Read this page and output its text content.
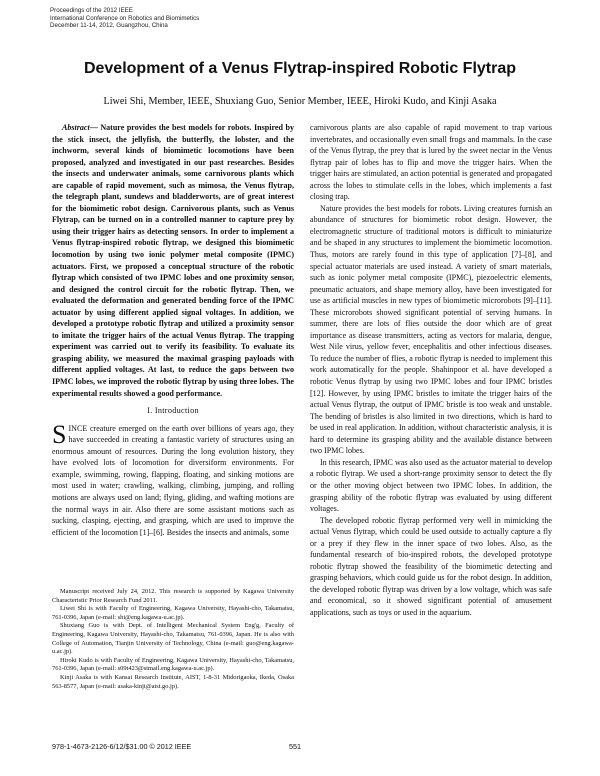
Proceedings of the 2012 IEEE
International Conference on Robotics and Biomimetics
December 11-14, 2012, Guangzhou, China
Development of a Venus Flytrap-inspired Robotic Flytrap
Liwei Shi, Member, IEEE, Shuxiang Guo, Senior Member, IEEE, Hiroki Kudo, and Kinji Asaka

Abstract— Nature provides the best models for robots. Inspired by the stick insect, the jellyfish, the butterfly, the lobster, and the inchworm, several kinds of biomimetic locomotions have been proposed, analyzed and investigated in our past researches. Besides the insects and underwater animals, some carnivorous plants which are capable of rapid movement, such as mimosa, the Venus flytrap, the telegraph plant, sundews and bladderworts, are of great interest for the biomimetic robot design. Carnivorous plants, such as Venus Flytrap, can be turned on in a controlled manner to capture prey by using their trigger hairs as detecting sensors. In order to implement a Venus flytrap-inspired robotic flytrap, we designed this biomimetic locomotion by using two ionic polymer metal composite (IPMC) actuators. First, we proposed a conceptual structure of the robotic flytrap which consisted of two IPMC lobes and one proximity sensor, and designed the control circuit for the robotic flytrap. Then, we evaluated the deformation and generated bending force of the IPMC actuator by using different applied signal voltages. In addition, we developed a prototype robotic flytrap and utilized a proximity sensor to imitate the trigger hairs of the actual Venus flytrap. The trapping experiment was carried out to verify its feasibility. To evaluate its grasping ability, we measured the maximal grasping payloads with different applied voltages. At last, to reduce the gaps between two IPMC lobes, we improved the robotic flytrap by using three lobes. The experimental results showed a good performance.

I. Introduction

SINCE creature emerged on the earth over billions of years ago, they have succeeded in creating a fantastic variety of structures using an enormous amount of resources. During the long evolution history, they have evolved lots of locomotion for diversiform environments. For example, swimming, rowing, flapping, floating, and sinking motions are most used in water; crawling, walking, climbing, jumping, and rolling motions are always used on land; flying, gliding, and wafting motions are the normal ways in air. Also there are some assistant motions such as sucking, clasping, ejecting, and grasping, which are used to improve the efficient of the locomotion [1]–[6]. Besides the insects and animals, some

Manuscript received July 24, 2012. This research is supported by Kagawa University Characteristic Prior Research Fund 2011.

Liwei Shi is with Faculty of Engineering, Kagawa University, Hayashi-cho, Takamatsu, 761-0396, Japan (e-mail: shi@eng.kagawa-u.ac.jp).

Shuxiang Guo is with Dept. of Intelligent Mechanical System Eng'g, Faculty of Engineering, Kagawa University, Hayashi-cho, Takamatsu, 761-0396, Japan. He is also with College of Automation, Tianjin University of Technology, China (e-mail: guo@eng.kagawa-u.ac.jp).

Hiroki Kudo is with Faculty of Engineering, Kagawa University, Hayashi-cho, Takamatsu, 761-0396, Japan (e-mail: s09t423@stmail.eng.kagawa-u.ac.jp).

Kinji Asaka is with Kansai Research Institute, AIST, 1-8-31 Midorigaoka, Ikeda, Osaka 563-8577, Japan (e-mail: asaka-kinji@aist.go.jp).

carnivorous plants are also capable of rapid movement to trap various invertebrates, and occasionally even small frogs and mammals. In the case of the Venus flytrap, the prey that is lured by the sweet nectar in the Venus flytrap pair of lobes has to flip and move the trigger hairs. When the trigger hairs are stimulated, an action potential is generated and propagated across the lobes to stimulate cells in the lobes, which implements a fast closing trap.

Nature provides the best models for robots. Living creatures furnish an abundance of structures for biomimetic robot design. However, the electromagnetic structure of traditional motors is difficult to miniaturize and be shaped in any structures to implement the biomimetic locomotion. Thus, motors are rarely found in this type of application [7]–[8], and special actuator materials are used instead. A variety of smart materials, such as ionic polymer metal composite (IPMC), piezoelectric elements, pneumatic actuators, and shape memory alloy, have been investigated for use as artificial muscles in new types of biomimetic microrobots [9]–[11]. These microrobots showed significant potential of serving humans. In summer, there are lots of flies outside the door which are of great importance as disease transmitters, acting as vectors for malaria, dengue, West Nile virus, yellow fever, encephalitis and other infectious diseases. To reduce the number of flies, a robotic flytrap is needed to implement this work automatically for the people. Shahinpoor et al. have developed a robotic Venus flytrap by using two IPMC lobes and four IPMC bristles [12]. However, by using IPMC bristles to imitate the trigger hairs of the actual Venus flytrap, the output of IPMC bristle is too weak and unstable. The bending of bristles is also limited in two directions, which is hard to be used in real application. In addition, without characteristic analysis, it is hard to determine its grasping ability and the available distance between two IPMC lobes.

In this research, IPMC was also used as the actuator material to develop a robotic flytrap. We used a short-range proximity sensor to detect the fly or the other moving object between two IPMC lobes. In addition, the grasping ability of the robotic flytrap was evaluated by using different voltages.

The developed robotic flytrap performed very well in mimicking the actual Venus flytrap, which could be used outside to actually capture a fly or a prey if they flew in the inner space of two lobes. Also, as the fundamental research of bio-inspired robots, the developed prototype robotic flytrap showed the feasibility of the biomimetic detecting and grasping behaviors, which could guide us for the robot design. In addition, the developed robotic flytrap was driven by a low voltage, which was safe and economical, so it showed significant potential of amusement applications, such as toys or used in the aquarium.

978-1-4673-2126-6/12/$31.00 © 2012 IEEE	551
